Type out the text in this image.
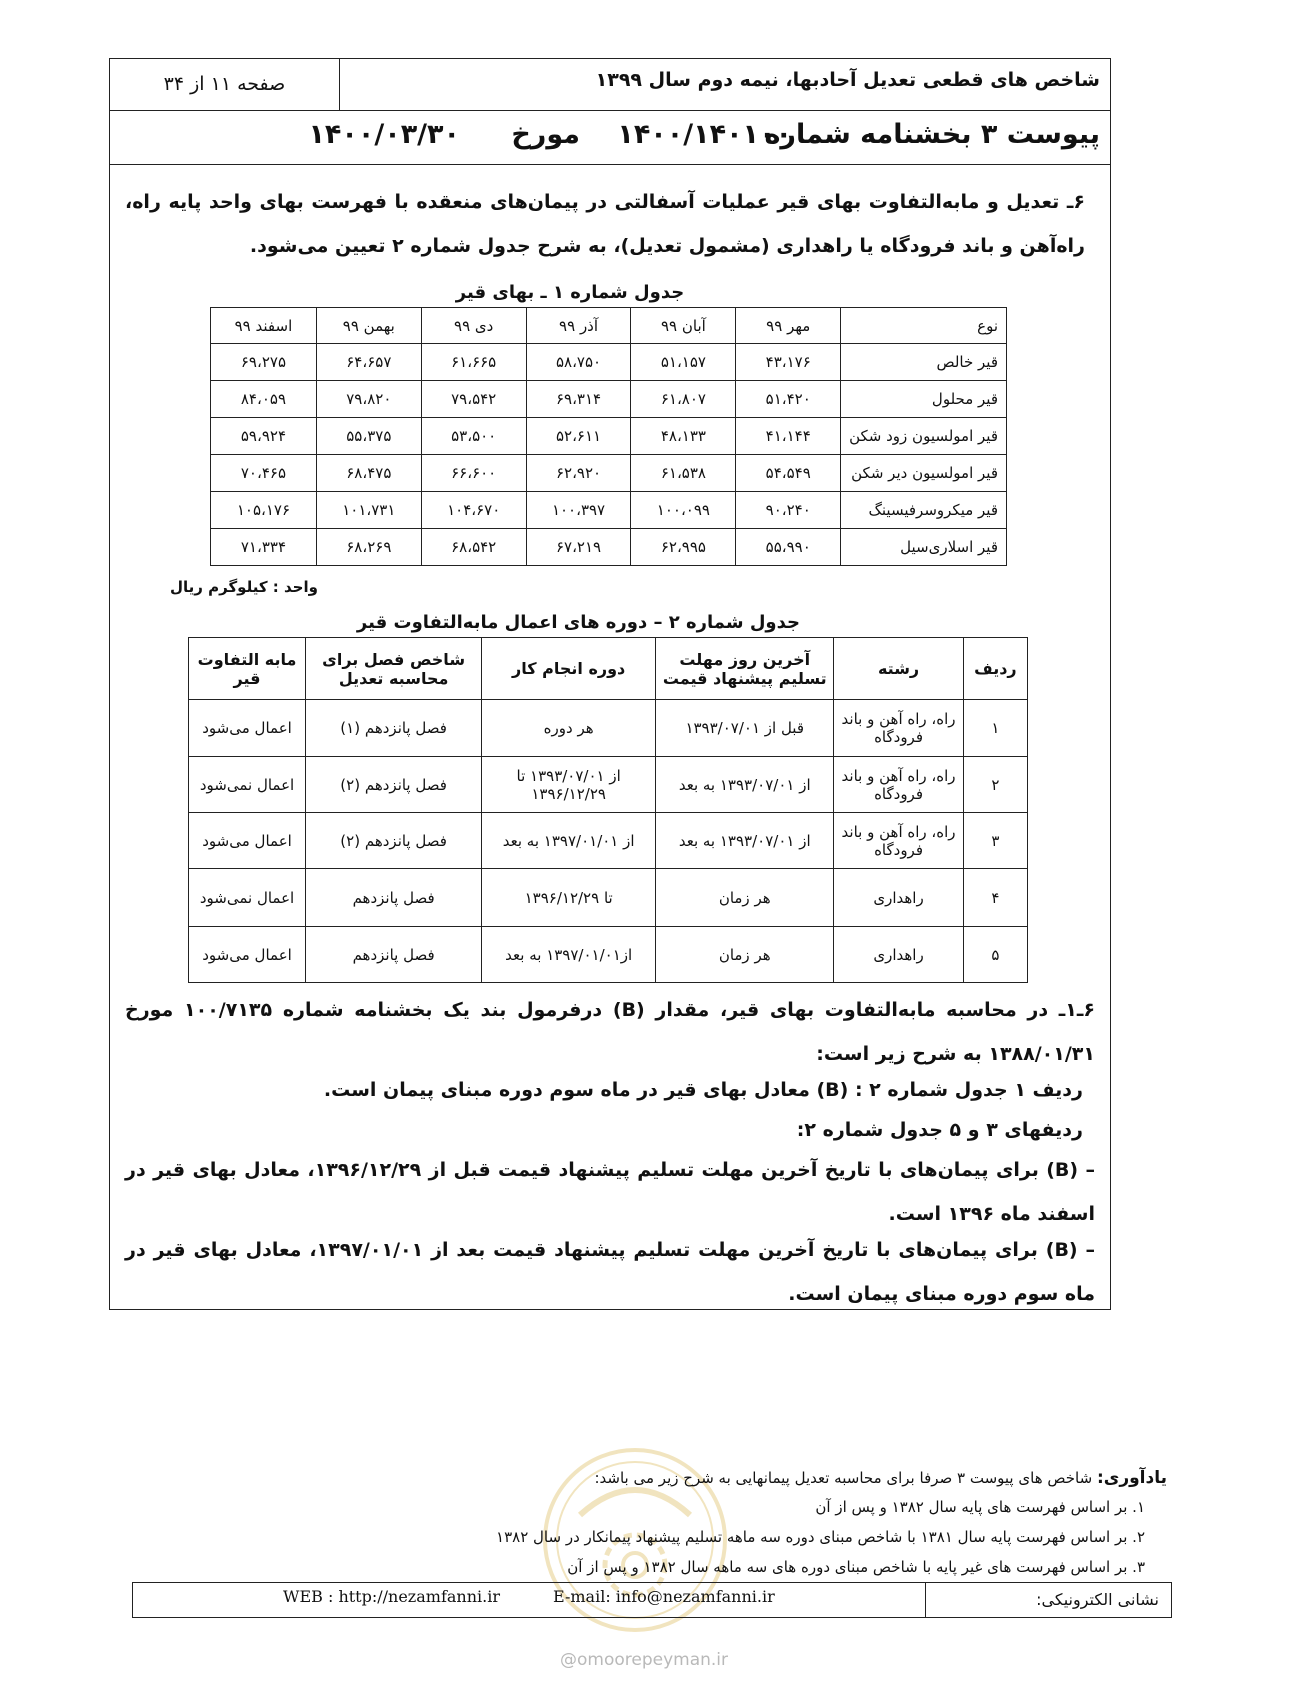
شاخص های قطعی تعدیل آحادبها، نیمه دوم سال ۱۳۹۹
صفحه ۱۱ از ۳۴
پیوست ۳ بخشنامه شماره
۱۴۰۰/۱۴۰۱۰۰
مورخ
۱۴۰۰/۰۳/۳۰
۶ـ تعدیل و مابه‌التفاوت بهای قیر عملیات آسفالتی در پیمان‌های منعقده با فهرست بهای واحد پایه راه، راه‌آهن و باند فرودگاه یا راهداری (مشمول تعدیل)، به شرح جدول شماره ۲ تعیین می‌شود.
جدول شماره ۱ ـ بهای قیر
نوع	مهر ۹۹	آبان ۹۹	آذر ۹۹	دی ۹۹	بهمن ۹۹	اسفند ۹۹
قیر خالص	۴۳،۱۷۶	۵۱،۱۵۷	۵۸،۷۵۰	۶۱،۶۶۵	۶۴،۶۵۷	۶۹،۲۷۵
قیر محلول	۵۱،۴۲۰	۶۱،۸۰۷	۶۹،۳۱۴	۷۹،۵۴۲	۷۹،۸۲۰	۸۴،۰۵۹
قیر امولسیون زود شکن	۴۱،۱۴۴	۴۸،۱۳۳	۵۲،۶۱۱	۵۳،۵۰۰	۵۵،۳۷۵	۵۹،۹۲۴
قیر امولسیون دیر شکن	۵۴،۵۴۹	۶۱،۵۳۸	۶۲،۹۲۰	۶۶،۶۰۰	۶۸،۴۷۵	۷۰،۴۶۵
قیر میکروسرفیسینگ	۹۰،۲۴۰	۱۰۰،۰۹۹	۱۰۰،۳۹۷	۱۰۴،۶۷۰	۱۰۱،۷۳۱	۱۰۵،۱۷۶
قیر اسلاری‌سیل	۵۵،۹۹۰	۶۲،۹۹۵	۶۷،۲۱۹	۶۸،۵۴۲	۶۸،۲۶۹	۷۱،۳۳۴
واحد : کیلوگرم ریال
جدول شماره ۲ – دوره های اعمال مابه‌التفاوت قیر
ردیف	رشته	آخرین روز مهلت تسلیم پیشنهاد قیمت	دوره انجام کار	شاخص فصل برای محاسبه تعدیل	مابه التفاوت قیر
۱	راه، راه آهن و باند فرودگاه	قبل از ۱۳۹۳/۰۷/۰۱	هر دوره	فصل پانزدهم (۱)	اعمال می‌شود
۲	راه، راه آهن و باند فرودگاه	از ۱۳۹۳/۰۷/۰۱ به بعد	از ۱۳۹۳/۰۷/۰۱ تا ۱۳۹۶/۱۲/۲۹	فصل پانزدهم (۲)	اعمال نمی‌شود
۳	راه، راه آهن و باند فرودگاه	از ۱۳۹۳/۰۷/۰۱ به بعد	از ۱۳۹۷/۰۱/۰۱ به بعد	فصل پانزدهم (۲)	اعمال می‌شود
۴	راهداری	هر زمان	تا ۱۳۹۶/۱۲/۲۹	فصل پانزدهم	اعمال نمی‌شود
۵	راهداری	هر زمان	از۱۳۹۷/۰۱/۰۱ به بعد	فصل پانزدهم	اعمال می‌شود
۶ـ۱ـ در محاسبه مابه‌التفاوت بهای قیر، مقدار (B) درفرمول بند یک بخشنامه شماره ۱۰۰/۷۱۳۵ مورخ ۱۳۸۸/۰۱/۳۱ به شرح زیر است:
ردیف ۱ جدول شماره ۲ : (B) معادل بهای قیر در ماه سوم دوره مبنای پیمان است.
ردیفهای ۳ و ۵ جدول شماره ۲:
– (B) برای پیمان‌های با تاریخ آخرین مهلت تسلیم پیشنهاد قیمت قبل از ۱۳۹۶/۱۲/۲۹، معادل بهای قیر در اسفند ماه ۱۳۹۶ است.
– (B) برای پیمان‌های با تاریخ آخرین مهلت تسلیم پیشنهاد قیمت بعد از ۱۳۹۷/۰۱/۰۱، معادل بهای قیر در ماه سوم دوره مبنای پیمان است.
یادآوری: شاخص های پیوست ۳ صرفا برای محاسبه تعدیل پیمانهایی به شرح زیر می باشد:
۱. بر اساس فهرست های پایه سال ۱۳۸۲ و پس از آن
۲. بر اساس فهرست پایه سال ۱۳۸۱ با شاخص مبنای دوره سه ماهه تسلیم پیشنهاد پیمانکار در سال ۱۳۸۲
۳. بر اساس فهرست های غیر پایه با شاخص مبنای دوره های سه ماهه سال ۱۳۸۲ و پس از آن
نشانی الکترونیکی:
E-mail: info@nezamfanni.ir
WEB : http://nezamfanni.ir
@omoorepeyman.ir
